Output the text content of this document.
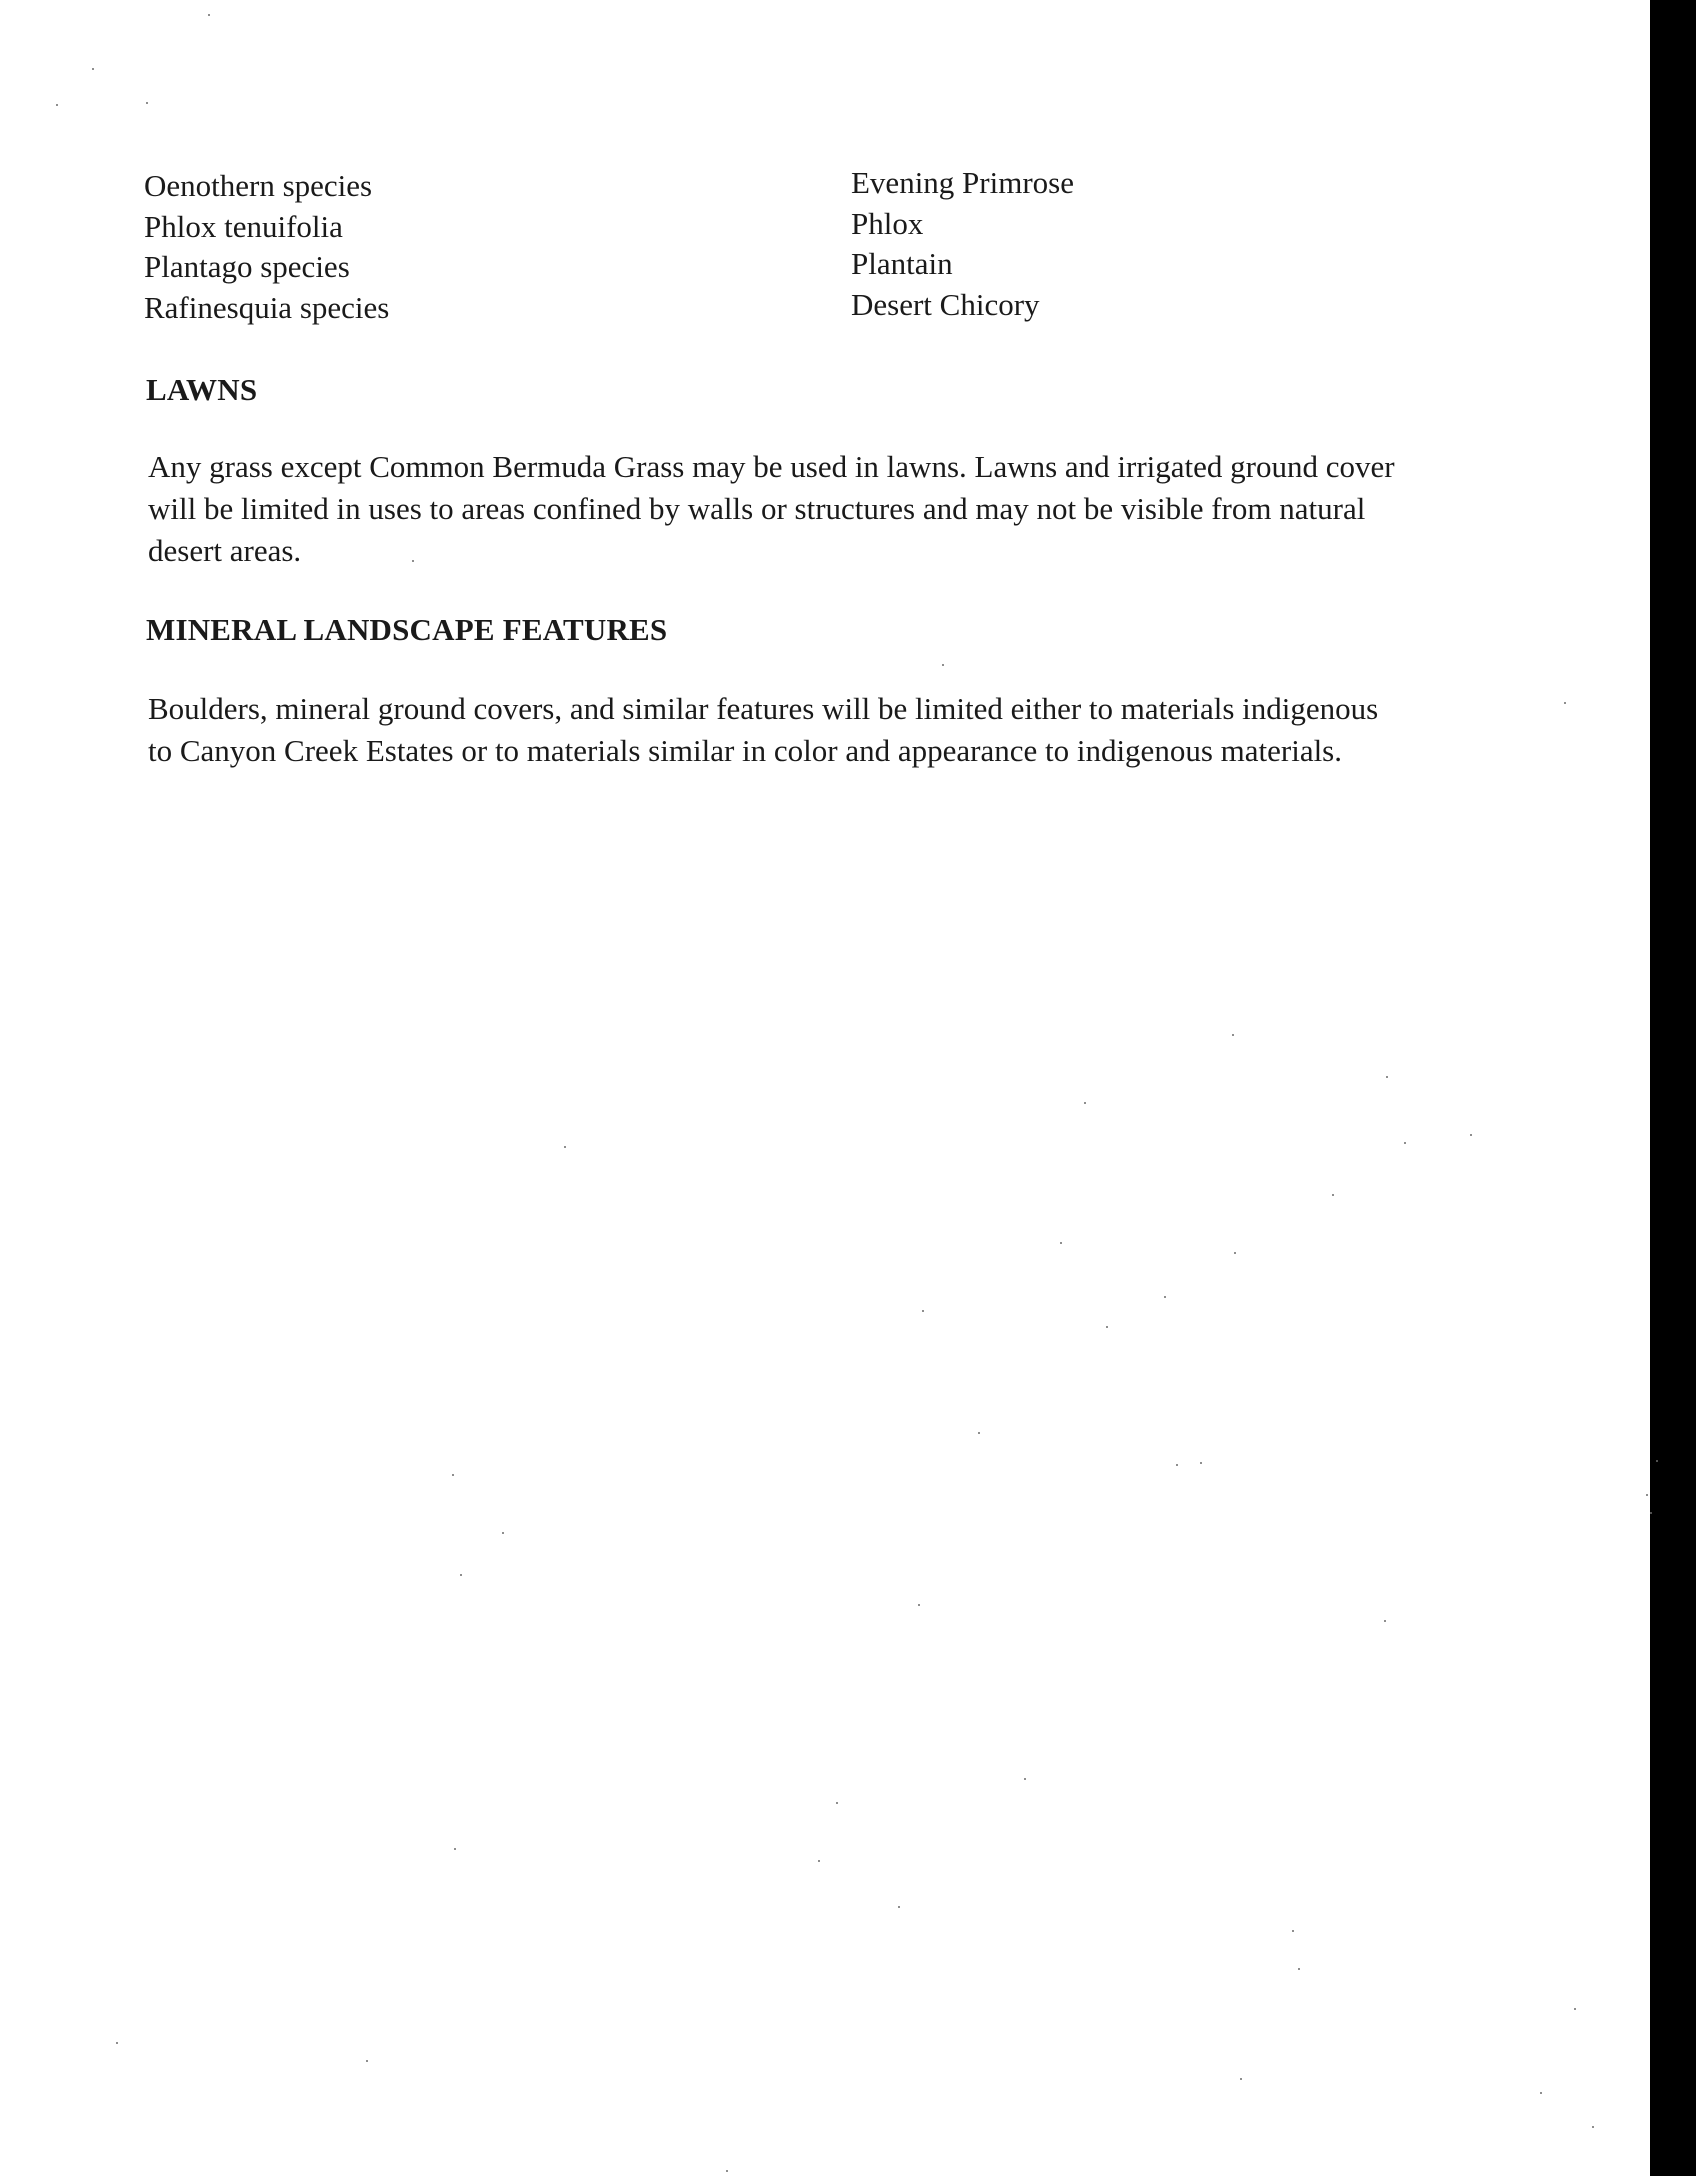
Oenothern species	Evening Primrose
Phlox tenuifolia	Phlox
Plantago species	Plantain
Rafinesquia species	Desert Chicory
LAWNS
Any grass except Common Bermuda Grass may be used in lawns. Lawns and irrigated ground cover
will be limited in uses to areas confined by walls or structures and may not be visible from natural
desert areas.
MINERAL LANDSCAPE FEATURES
Boulders, mineral ground covers, and similar features will be limited either to materials indigenous
to Canyon Creek Estates or to materials similar in color and appearance to indigenous materials.
